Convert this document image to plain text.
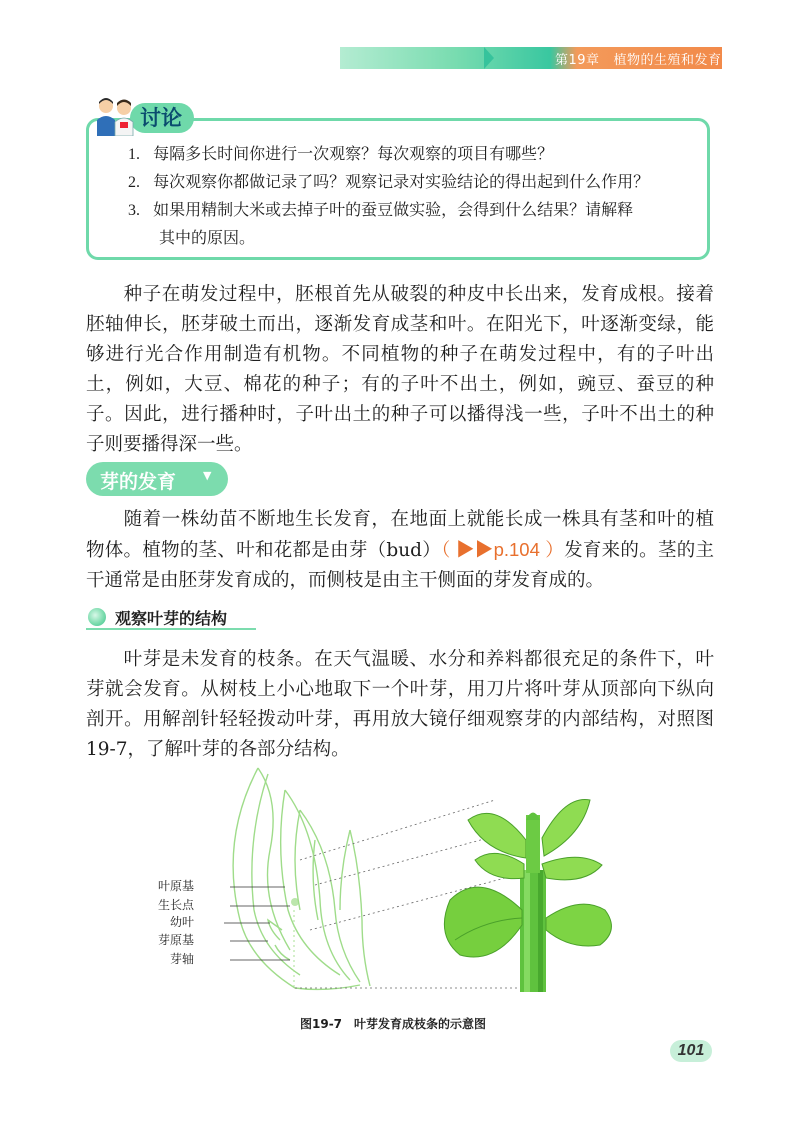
第19章 植物的生殖和发育
讨论
1. 每隔多长时间你进行一次观察？每次观察的项目有哪些？
2. 每次观察你都做记录了吗？观察记录对实验结论的得出起到什么作用？
3. 如果用精制大米或去掉子叶的蚕豆做实验，会得到什么结果？请解释
其中的原因。

种子在萌发过程中，胚根首先从破裂的种皮中长出来，发育成根。接着胚轴伸长，胚芽破土而出，逐渐发育成茎和叶。在阳光下，叶逐渐变绿，能够进行光合作用制造有机物。不同植物的种子在萌发过程中，有的子叶出土，例如，大豆、棉花的种子；有的子叶不出土，例如，豌豆、蚕豆的种子。因此，进行播种时，子叶出土的种子可以播得浅一些，子叶不出土的种子则要播得深一些。

芽的发育 ▼

随着一株幼苗不断地生长发育，在地面上就能长成一株具有茎和叶的植物体。植物的茎、叶和花都是由芽（bud）（ ▶▶p.104 ）发育来的。茎的主干通常是由胚芽发育成的，而侧枝是由主干侧面的芽发育成的。

观察叶芽的结构

叶芽是未发育的枝条。在天气温暖、水分和养料都很充足的条件下，叶芽就会发育。从树枝上小心地取下一个叶芽，用刀片将叶芽从顶部向下纵向剖开。用解剖针轻轻拨动叶芽，再用放大镜仔细观察芽的内部结构，对照图19-7，了解叶芽的各部分结构。

叶原基
生长点
幼叶
芽原基
芽轴
图19-7　叶芽发育成枝条的示意图
101
